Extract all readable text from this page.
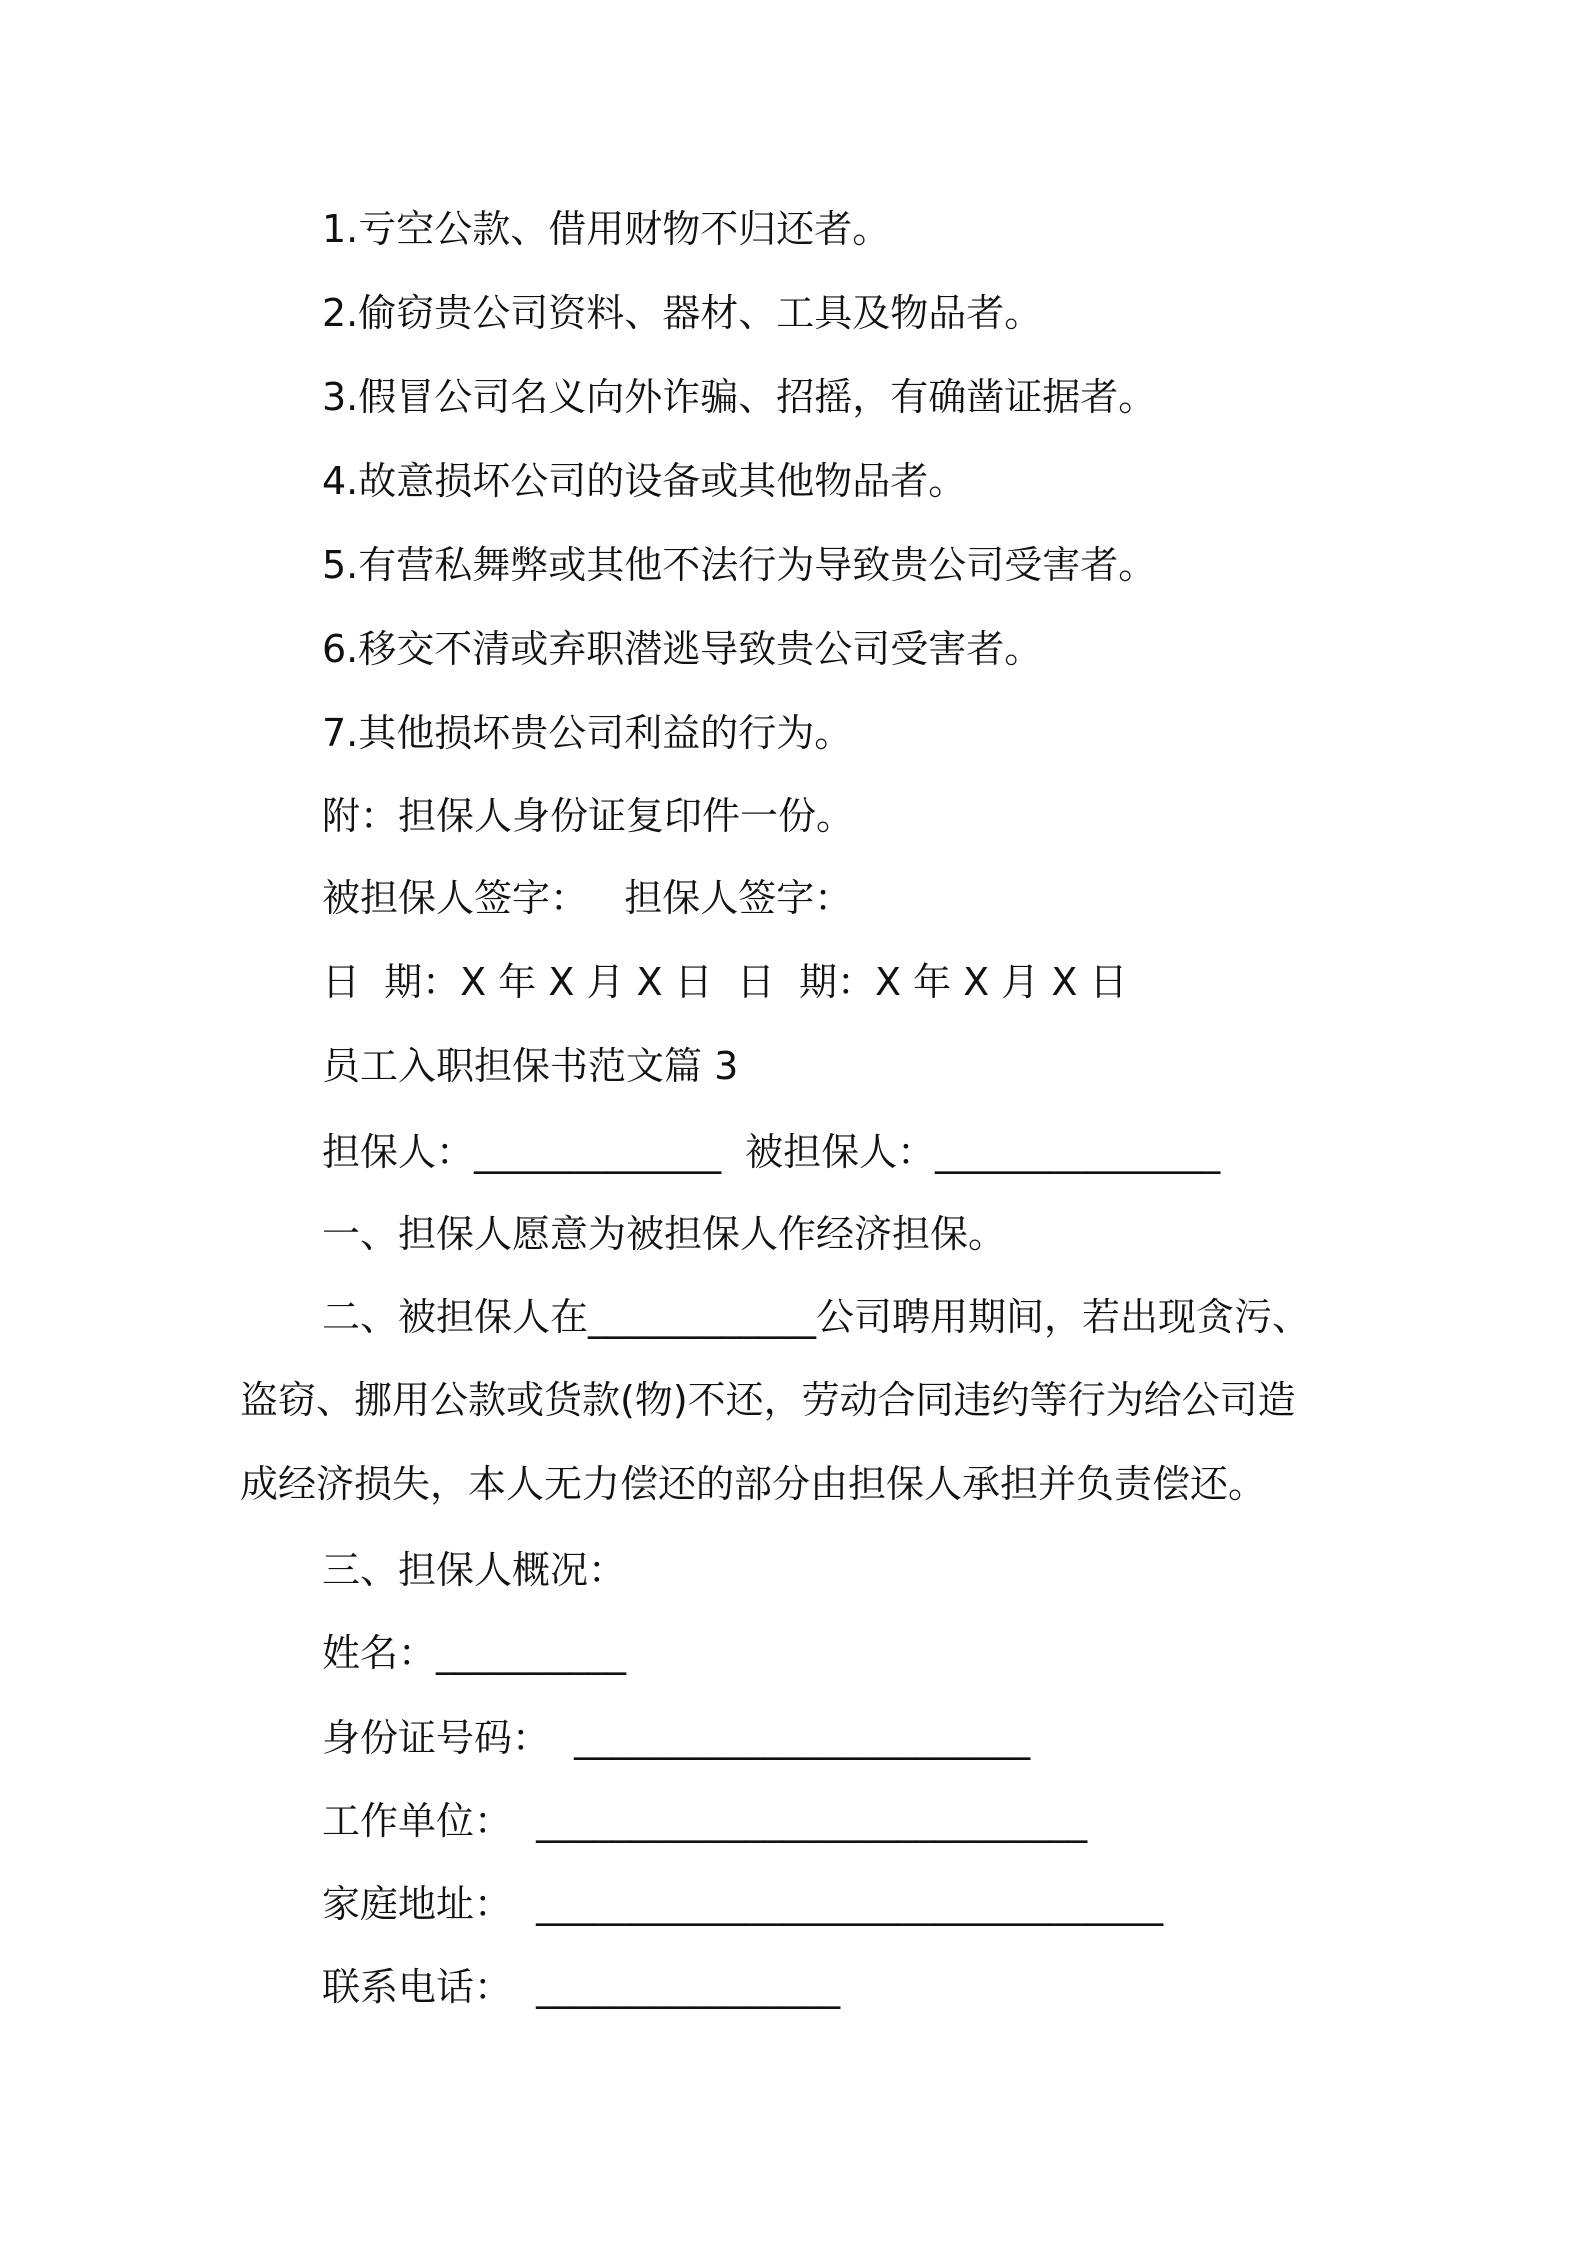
1.亏空公款、借用财物不归还者。
2.偷窃贵公司资料、器材、工具及物品者。
3.假冒公司名义向外诈骗、招摇，有确凿证据者。
4.故意损坏公司的设备或其他物品者。
5.有营私舞弊或其他不法行为导致贵公司受害者。
6.移交不清或弃职潜逃导致贵公司受害者。
7.其他损坏贵公司利益的行为。
附：担保人身份证复印件一份。
被担保人签字：   担保人签字：
日  期：X 年 X 月 X 日  日  期：X 年 X 月 X 日
员工入职担保书范文篇 3
担保人：_____________  被担保人：_______________
一、担保人愿意为被担保人作经济担保。
二、被担保人在____________公司聘用期间，若出现贪污、
盗窃、挪用公款或货款(物)不还，劳动合同违约等行为给公司造
成经济损失，本人无力偿还的部分由担保人承担并负责偿还。
三、担保人概况：
姓名：__________
身份证号码：  ________________________
工作单位：  _____________________________
家庭地址：  _________________________________
联系电话：  ________________
